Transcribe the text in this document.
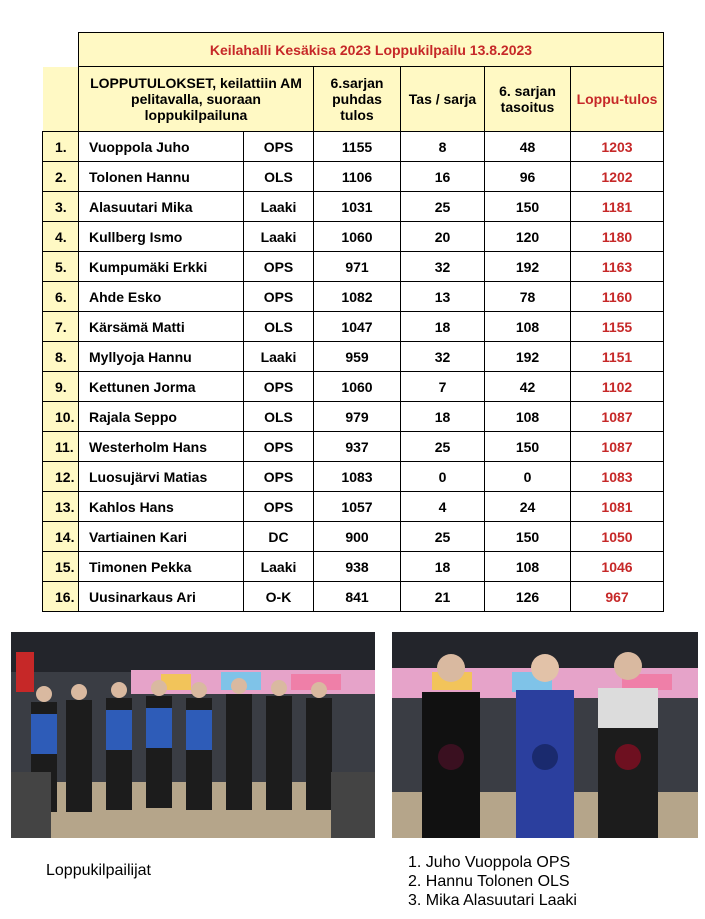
	Keilahalli Kesäkisa 2023 Loppukilpailu 13.8.2023					
	LOPPUTULOKSET, keilattiin AM pelitavalla, suoraan loppukilpailuna		6.sarjan puhdas tulos	Tas / sarja	6. sarjan tasoitus	Loppu-tulos
1.	Vuoppola Juho	OPS	1155	8	48	1203
2.	Tolonen Hannu	OLS	1106	16	96	1202
3.	Alasuutari Mika	Laaki	1031	25	150	1181
4.	Kullberg Ismo	Laaki	1060	20	120	1180
5.	Kumpumäki Erkki	OPS	971	32	192	1163
6.	Ahde Esko	OPS	1082	13	78	1160
7.	Kärsämä Matti	OLS	1047	18	108	1155
8.	Myllyoja Hannu	Laaki	959	32	192	1151
9.	Kettunen Jorma	OPS	1060	7	42	1102
10.	Rajala Seppo	OLS	979	18	108	1087
11.	Westerholm Hans	OPS	937	25	150	1087
12.	Luosujärvi Matias	OPS	1083	0	0	1083
13.	Kahlos Hans	OPS	1057	4	24	1081
14.	Vartiainen Kari	DC	900	25	150	1050
15.	Timonen Pekka	Laaki	938	18	108	1046
16.	Uusinarkaus Ari	O-K	841	21	126	967
Loppukilpailijat	1. Juho Vuoppola OPS
2. Hannu Tolonen OLS
3. Mika Alasuutari Laaki
